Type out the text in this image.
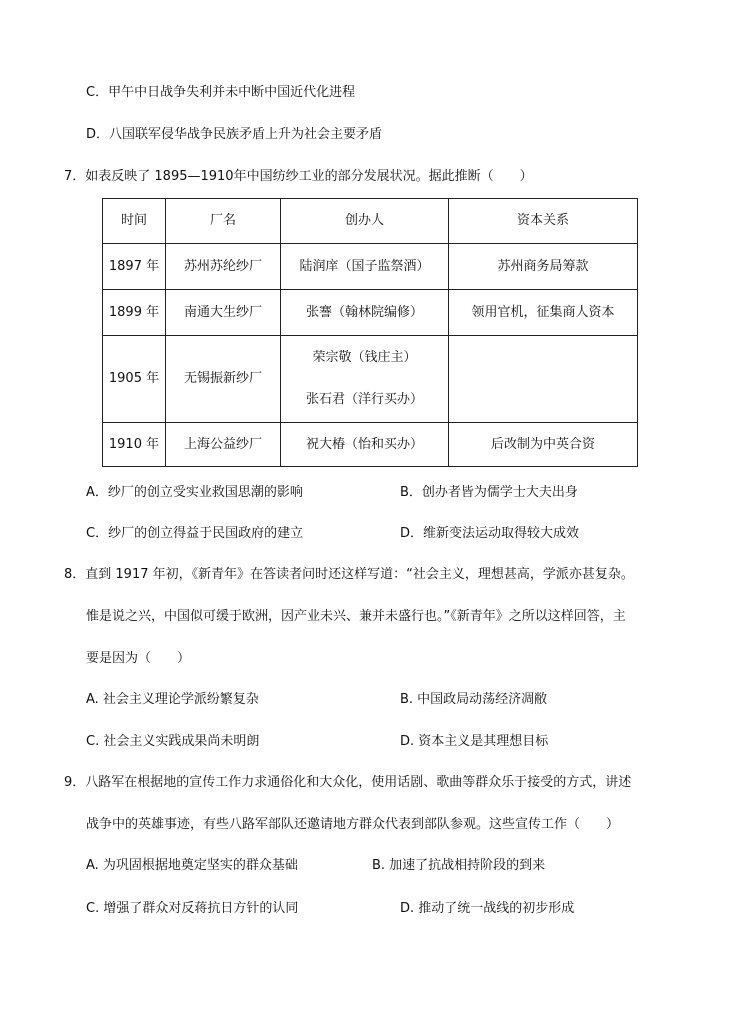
C．甲午中日战争失利并未中断中国近代化进程
D．八国联军侵华战争民族矛盾上升为社会主要矛盾
7．如表反映了 1895—1910年中国纺纱工业的部分发展状况。据此推断（　　）
时间	厂名	创办人	资本关系
1897 年	苏州苏纶纱厂	陆润庠（国子监祭酒）	苏州商务局筹款
1899 年	南通大生纱厂	张謇（翰林院编修）	领用官机，征集商人资本
1905 年	无锡振新纱厂	荣宗敬（钱庄主）
张石君（洋行买办）	

1910 年	上海公益纱厂	祝大椿（怡和买办）	后改制为中英合资
A．纱厂的创立受实业救国思潮的影响	B．创办者皆为儒学士大夫出身
C．纱厂的创立得益于民国政府的建立	D．维新变法运动取得较大成效
8．直到 1917 年初，《新青年》在答读者问时还这样写道：“社会主义，理想甚高，学派亦甚复杂。
惟是说之兴，中国似可缓于欧洲，因产业未兴、兼并未盛行也。”《新青年》之所以这样回答，主
要是因为（　　）
A. 社会主义理论学派纷繁复杂	B. 中国政局动荡经济凋敝
C. 社会主义实践成果尚未明朗	D. 资本主义是其理想目标
9．八路军在根据地的宣传工作力求通俗化和大众化，使用话剧、歌曲等群众乐于接受的方式，讲述
战争中的英雄事迹，有些八路军部队还邀请地方群众代表到部队参观。这些宣传工作（　　）
A. 为巩固根据地奠定坚实的群众基础	B. 加速了抗战相持阶段的到来
C. 增强了群众对反蒋抗日方针的认同	D. 推动了统一战线的初步形成
